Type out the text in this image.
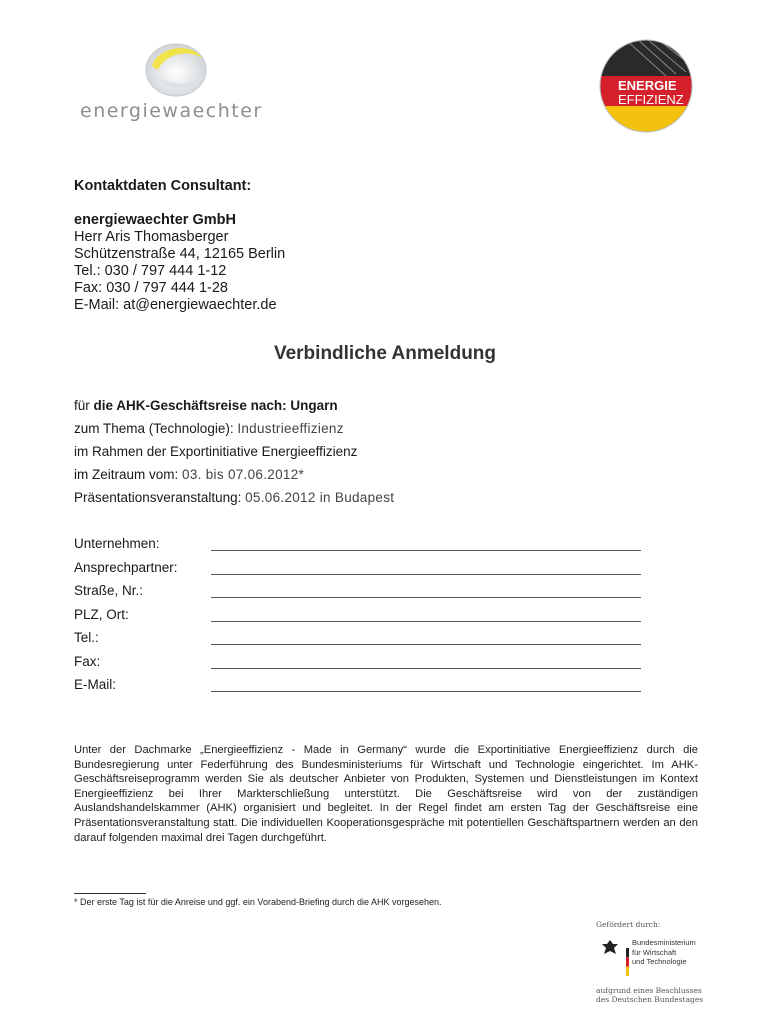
energiewaechter
ENERGIE
EFFIZIENZ
Kontaktdaten Consultant:
energiewaechter GmbH
Herr Aris Thomasberger
Schützenstraße 44, 12165 Berlin
Tel.: 030 / 797 444 1-12
Fax: 030 / 797 444 1-28
E-Mail: at@energiewaechter.de
Verbindliche Anmeldung
für die AHK-Geschäftsreise nach: Ungarn
zum Thema (Technologie): Industrieeffizienz
im Rahmen der Exportinitiative Energieeffizienz
im Zeitraum vom: 03. bis 07.06.2012*
Präsentationsveranstaltung: 05.06.2012 in Budapest
Unternehmen:
Ansprechpartner:
Straße, Nr.:
PLZ, Ort:
Tel.:
Fax:
E-Mail:
Unter der Dachmarke „Energieeffizienz - Made in Germany“ wurde die Exportinitiative Energieeffizienz durch die Bundesregierung unter Federführung des Bundesministeriums für Wirtschaft und Technologie eingerichtet. Im AHK-Geschäftsreiseprogramm werden Sie als deutscher Anbieter von Produkten, Systemen und Dienstleistungen im Kontext Energieeffizienz bei Ihrer Markterschließung unterstützt. Die Geschäftsreise wird von der zuständigen Auslandshandelskammer (AHK) organisiert und begleitet. In der Regel findet am ersten Tag der Geschäftsreise eine Präsentationsveranstaltung statt. Die individuellen Kooperationsgespräche mit potentiellen Geschäftspartnern werden an den darauf folgenden maximal drei Tagen durchgeführt.
* Der erste Tag ist für die Anreise und ggf. ein Vorabend-Briefing durch die AHK vorgesehen.
Gefördert durch:
Bundesministerium
für Wirtschaft
und Technologie
aufgrund eines Beschlusses
des Deutschen Bundestages
